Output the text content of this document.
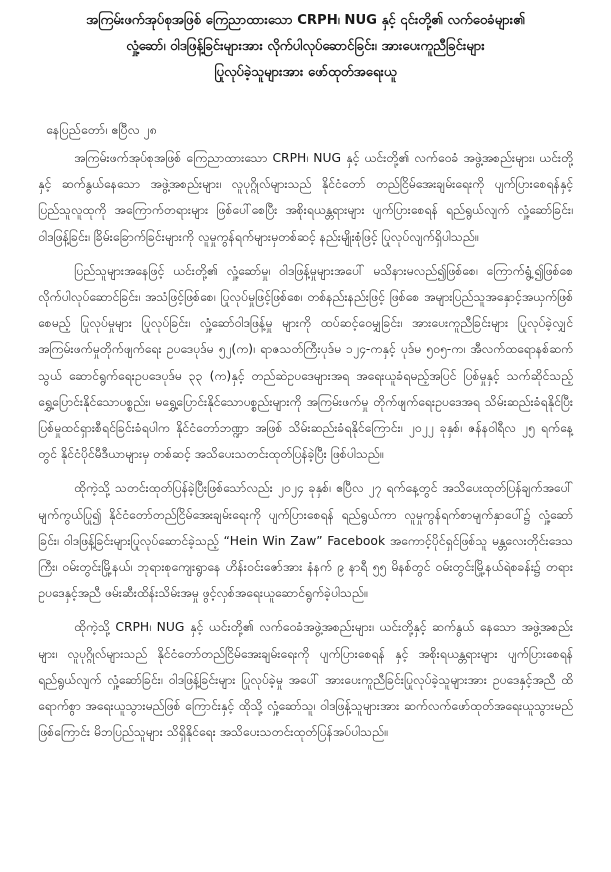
အကြမ်းဖက်အုပ်စုအဖြစ် ကြေညာထားသော CRPH၊ NUG နှင့် ၎င်းတို့၏ လက်ဝေခံများ၏
လှုံ့ဆော်၊ ဝါဒဖြန့်ခြင်းများအား လိုက်ပါလုပ်ဆောင်ခြင်း၊ အားပေးကူညီခြင်းများ
ပြုလုပ်ခဲ့သူများအား ဖော်ထုတ်အရေးယူ
နေပြည်တော်၊ ဧပြီလ ၂၈

အကြမ်းဖက်အုပ်စုအဖြစ် ကြေညာထားသော CRPH၊ NUG နှင့် ယင်းတို့၏ လက်ဝေခံ အဖွဲ့အစည်းများ၊ ယင်းတို့နှင့် ဆက်နွယ်နေသော အဖွဲ့အစည်းများ၊ လူပုဂ္ဂိုလ်များသည် နိုင်ငံတော် တည်ငြိမ်အေးချမ်းရေးကို ပျက်ပြားစေရန်နှင့် ပြည်သူလူထုကို အကြောက်တရားများ ဖြစ်ပေါ်စေပြီး အစိုးရယန္တရားများ ပျက်ပြားစေရန် ရည်ရွယ်လျက် လှုံ့ဆော်ခြင်း၊ ဝါဒဖြန့်ခြင်း၊ ခြိမ်းခြောက်ခြင်းများကို လူမှုကွန်ရက်များမှတစ်ဆင့် နည်းမျိုးစုံဖြင့် ပြုလုပ်လျက်ရှိပါသည်။

ပြည်သူများအနေဖြင့် ယင်းတို့၏ လှုံ့ဆော်မှု၊ ဝါဒဖြန့်မှုများအပေါ် မသိနားမလည်၍ဖြစ်စေ၊ ကြောက်ရွံ့၍ဖြစ်စေ လိုက်ပါလုပ်ဆောင်ခြင်း၊ အသံဖြင့်ဖြစ်စေ၊ ပြုလုပ်မှုဖြင့်ဖြစ်စေ၊ တစ်နည်းနည်းဖြင့် ဖြစ်စေ အများပြည်သူအနှောင့်အယှက်ဖြစ်စေမည့် ပြုလုပ်မှုများ ပြုလုပ်ခြင်း၊ လှုံ့ဆော်ဝါဒဖြန့်မှု များကို ထပ်ဆင့်ဝေမျှခြင်း၊ အားပေးကူညီခြင်းများ ပြုလုပ်ခဲ့လျှင် အကြမ်းဖက်မှုတိုက်ဖျက်ရေး ဥပဒေပုဒ်မ ၅၂(က)၊ ရာဇသတ်ကြီးပုဒ်မ ၁၂၄-ကနှင့် ပုဒ်မ ၅၀၅-က၊ အီလက်ထရောနစ်ဆက်သွယ် ဆောင်ရွက်ရေးဥပဒေပုဒ်မ ၃၃ (က)နှင့် တည်ဆဲဥပဒေများအရ အရေးယူခံရမည့်အပြင် ပြစ်မှုနှင့် သက်ဆိုင်သည့် ရွှေ့ပြောင်းနိုင်သောပစ္စည်း၊ မရွှေ့ပြောင်းနိုင်သောပစ္စည်းများကို အကြမ်းဖက်မှု တိုက်ဖျက်ရေးဥပဒေအရ သိမ်းဆည်းခံရနိုင်ပြီး ပြစ်မှုထင်ရှားစီရင်ခြင်းခံရပါက နိုင်ငံတော်ဘဏ္ဍာ အဖြစ် သိမ်းဆည်းခံရနိုင်ကြောင်း၊ ၂၀၂၂ ခုနှစ်၊ ဇန်နဝါရီလ ၂၅ ရက်နေ့တွင် နိုင်ငံပိုင်မီဒီယာများမှ တစ်ဆင့် အသိပေးသတင်းထုတ်ပြန်ခဲ့ပြီး ဖြစ်ပါသည်။

ထိုကဲ့သို့ သတင်းထုတ်ပြန်ခဲ့ပြီးဖြစ်သော်လည်း ၂၀၂၄ ခုနှစ်၊ ဧပြီလ ၂၇ ရက်နေ့တွင် အသိပေးထုတ်ပြန်ချက်အပေါ် မျက်ကွယ်ပြု၍ နိုင်ငံတော်တည်ငြိမ်အေးချမ်းရေးကို ပျက်ပြားစေရန် ရည်ရွယ်ကာ လူမှုကွန်ရက်စာမျက်နှာပေါ်၌ လှုံ့ဆော်ခြင်း၊ ဝါဒဖြန့်ခြင်းများပြုလုပ်ဆောင်ခဲ့သည့် “Hein Win Zaw” Facebook အကောင့်ပိုင်ရှင်ဖြစ်သူ မန္တလေးတိုင်းဒေသကြီး၊ ဝမ်းတွင်းမြို့နယ်၊ ဘုရားစုကျေးရွာနေ ဟိန်းဝင်းဇော်အား နံနက် ၉ နာရီ ၅၅ မိနစ်တွင် ဝမ်းတွင်းမြို့နယ်ရဲစခန်း၌ တရားဥပဒေနှင့်အညီ ဖမ်းဆီးထိန်းသိမ်းအမှု ဖွင့်လှစ်အရေးယူဆောင်ရွက်ခဲ့ပါသည်။

ထိုကဲ့သို့ CRPH၊ NUG နှင့် ယင်းတို့၏ လက်ဝေခံအဖွဲ့အစည်းများ၊ ယင်းတို့နှင့် ဆက်နွယ် နေသော အဖွဲ့အစည်းများ၊ လူပုဂ္ဂိုလ်များသည် နိုင်ငံတော်တည်ငြိမ်အေးချမ်းရေးကို ပျက်ပြားစေရန် နှင့် အစိုးရယန္တရားများ ပျက်ပြားစေရန် ရည်ရွယ်လျက် လှုံ့ဆော်ခြင်း၊ ဝါဒဖြန့်ခြင်းများ ပြုလုပ်ခဲ့မှု အပေါ် အားပေးကူညီခြင်းပြုလုပ်ခဲ့သူများအား ဥပဒေနှင့်အညီ ထိရောက်စွာ အရေးယူသွားမည်ဖြစ် ကြောင်းနှင့် ထိုသို့ လှုံ့ဆော်သူ၊ ဝါဒဖြန့်သူများအား ဆက်လက်ဖော်ထုတ်အရေးယူသွားမည်ဖြစ်ကြောင်း မိဘပြည်သူများ သိရှိနိုင်ရေး အသိပေးသတင်းထုတ်ပြန်အပ်ပါသည်။
